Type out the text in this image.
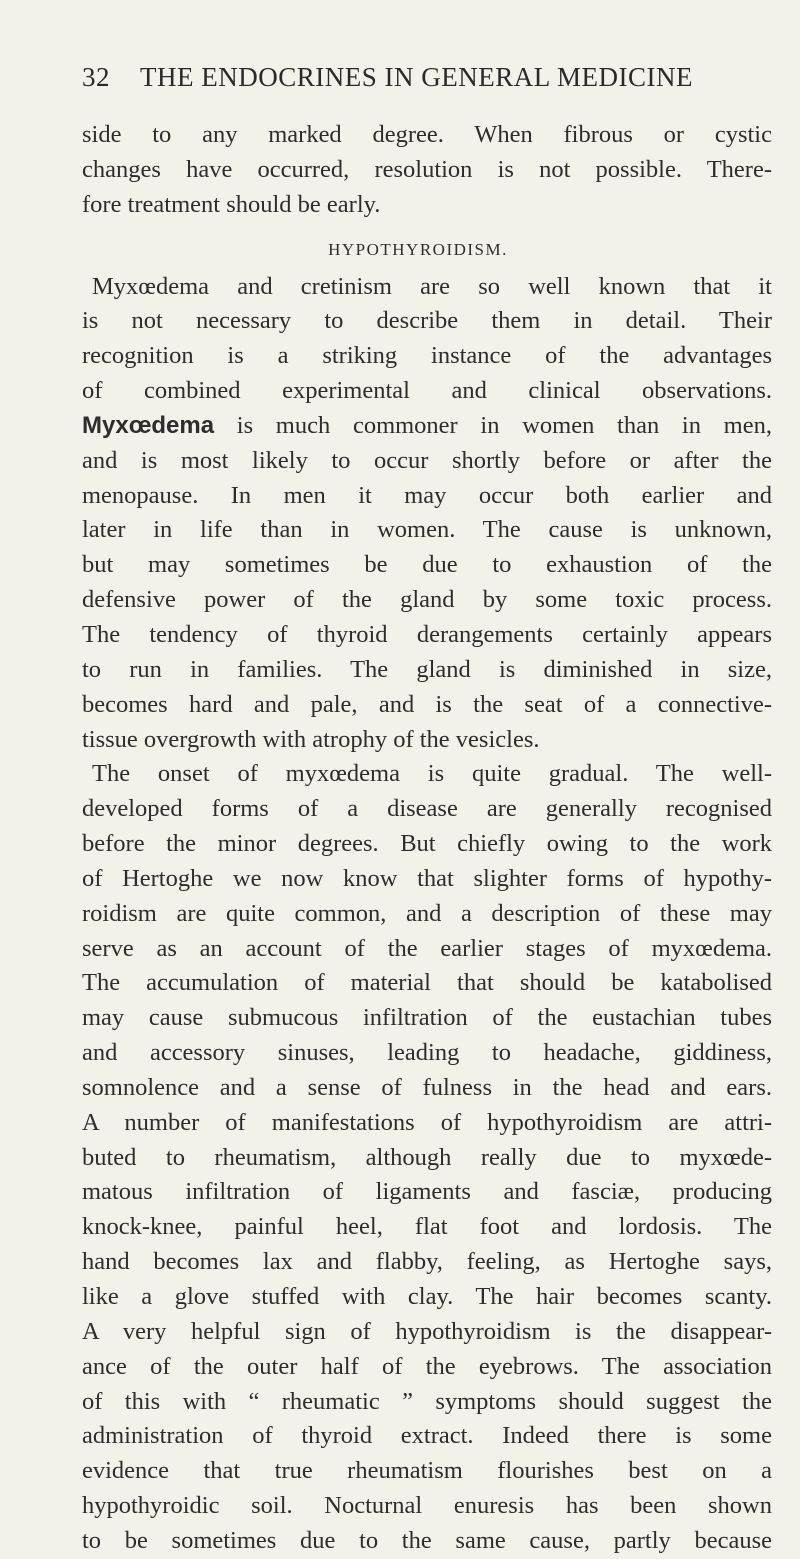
32 THE ENDOCRINES IN GENERAL MEDICINE
side to any marked degree. When fibrous or cystic
changes have occurred, resolution is not possible. There-
fore treatment should be early.
HYPOTHYROIDISM.
Myxœdema and cretinism are so well known that it
is not necessary to describe them in detail. Their
recognition is a striking instance of the advantages
of combined experimental and clinical observations.
Myxœdema is much commoner in women than in men,
and is most likely to occur shortly before or after the
menopause. In men it may occur both earlier and
later in life than in women. The cause is unknown,
but may sometimes be due to exhaustion of the
defensive power of the gland by some toxic process.
The tendency of thyroid derangements certainly appears
to run in families. The gland is diminished in size,
becomes hard and pale, and is the seat of a connective-
tissue overgrowth with atrophy of the vesicles.
The onset of myxœdema is quite gradual. The well-
developed forms of a disease are generally recognised
before the minor degrees. But chiefly owing to the work
of Hertoghe we now know that slighter forms of hypothy-
roidism are quite common, and a description of these may
serve as an account of the earlier stages of myxœdema.
The accumulation of material that should be katabolised
may cause submucous infiltration of the eustachian tubes
and accessory sinuses, leading to headache, giddiness,
somnolence and a sense of fulness in the head and ears.
A number of manifestations of hypothyroidism are attri-
buted to rheumatism, although really due to myxœde-
matous infiltration of ligaments and fasciæ, producing
knock-knee, painful heel, flat foot and lordosis. The
hand becomes lax and flabby, feeling, as Hertoghe says,
like a glove stuffed with clay. The hair becomes scanty.
A very helpful sign of hypothyroidism is the disappear-
ance of the outer half of the eyebrows. The association
of this with “ rheumatic ” symptoms should suggest the
administration of thyroid extract. Indeed there is some
evidence that true rheumatism flourishes best on a
hypothyroidic soil. Nocturnal enuresis has been shown
to be sometimes due to the same cause, partly because
